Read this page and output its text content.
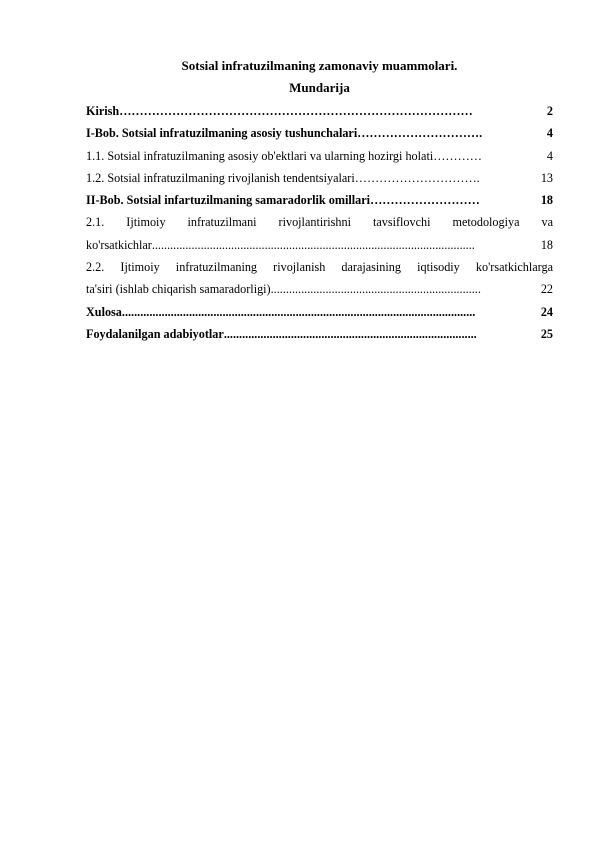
Sotsial infratuzilmaning zamonaviy muammolari.
Mundarija
Kirish ……………………………………………………………………………	2
I-Bob. Sotsial infratuzilmaning asosiy tushunchalari ………………………….	4
1.1. Sotsial infratuzilmaning asosiy ob'ektlari va ularning hozirgi holati …………	4
1.2. Sotsial infratuzilmaning rivojlanish tendentsiyalari ………………………….	13
II-Bob. Sotsial infartuzilmaning samaradorlik omillari ………………………	18
2.1. Ijtimoiy infratuzilmani rivojlantirishni tavsiflovchi metodologiya va
ko'rsatkichlar ..........................................................................................................	18
2.2. Ijtimoiy infratuzilmaning rivojlanish darajasining iqtisodiy ko'rsatkichlarga
ta'siri (ishlab chiqarish samaradorligi) .....................................................................	22
Xulosa ....................................................................................................................	24
Foydalanilgan adabiyotlar ...................................................................................	25
